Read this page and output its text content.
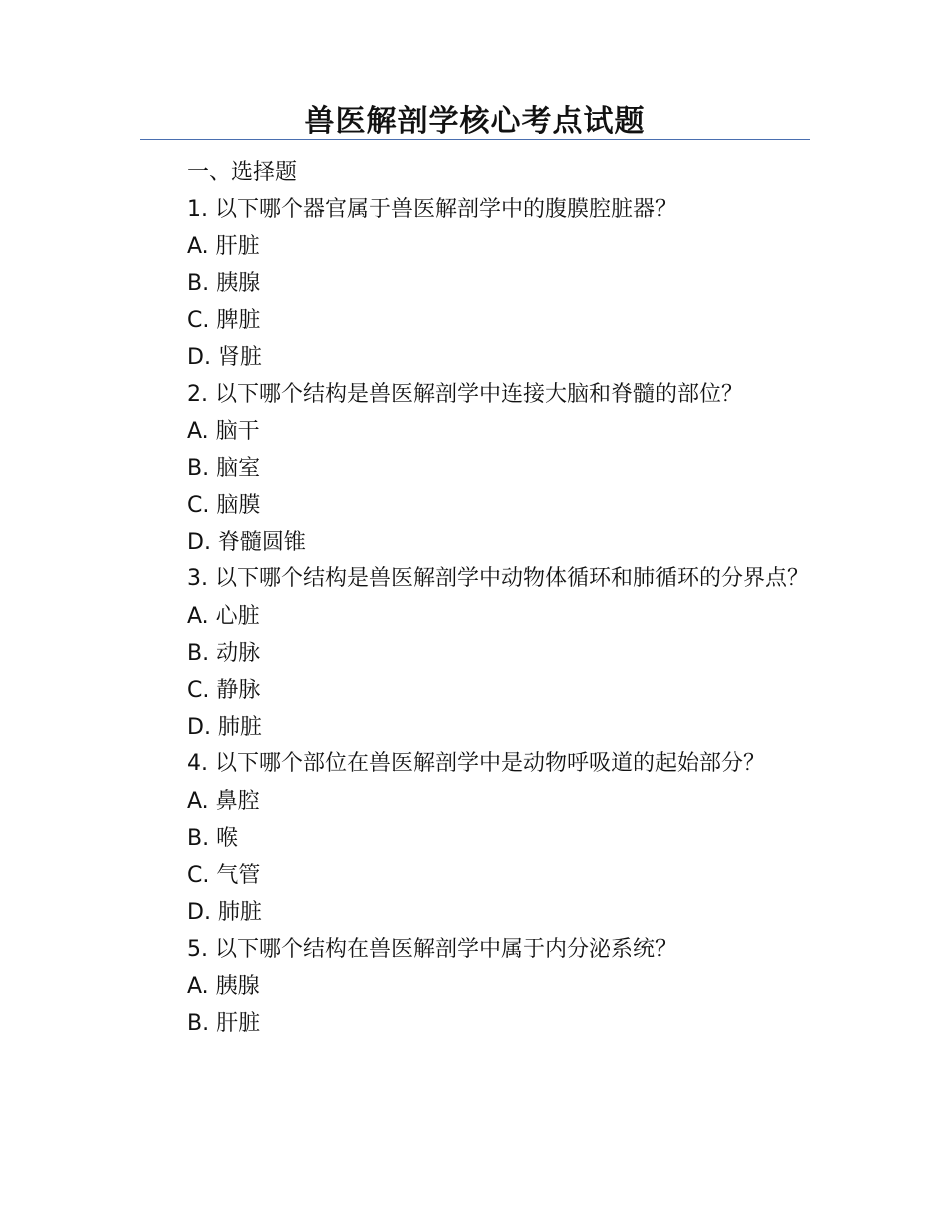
兽医解剖学核心考点试题

一、选择题

1. 以下哪个器官属于兽医解剖学中的腹膜腔脏器？

A. 肝脏

B. 胰腺

C. 脾脏

D. 肾脏

2. 以下哪个结构是兽医解剖学中连接大脑和脊髓的部位？

A. 脑干

B. 脑室

C. 脑膜

D. 脊髓圆锥

3. 以下哪个结构是兽医解剖学中动物体循环和肺循环的分界点？

A. 心脏

B. 动脉

C. 静脉

D. 肺脏

4. 以下哪个部位在兽医解剖学中是动物呼吸道的起始部分？

A. 鼻腔

B. 喉

C. 气管

D. 肺脏

5. 以下哪个结构在兽医解剖学中属于内分泌系统？

A. 胰腺

B. 肝脏
